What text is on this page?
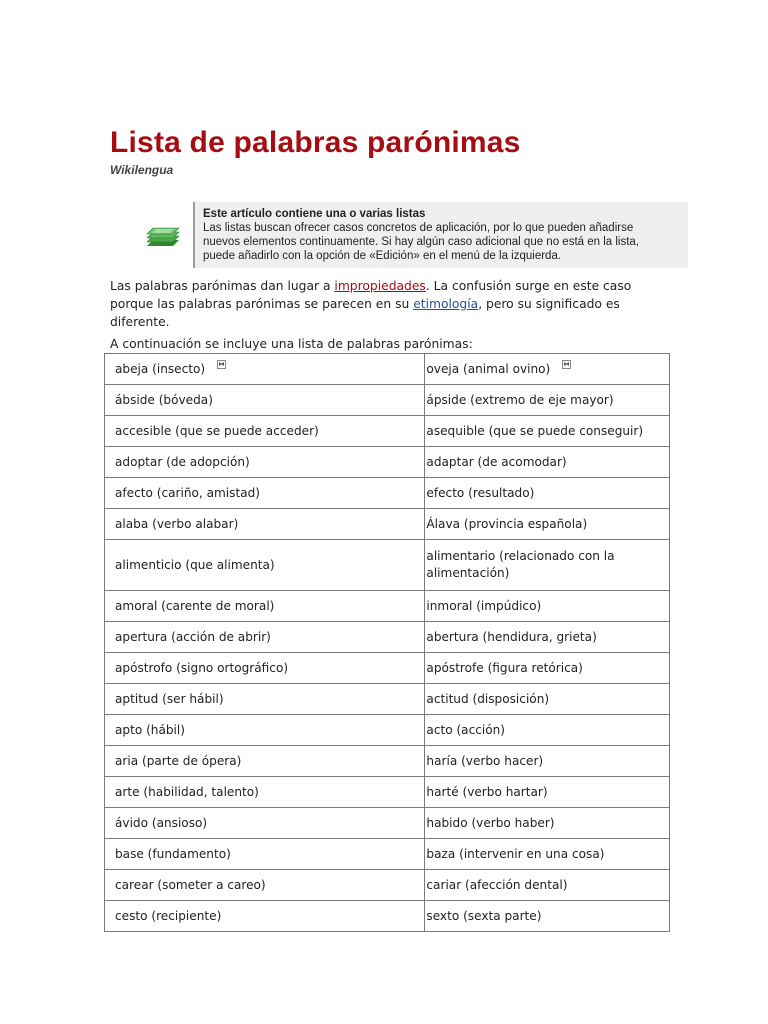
Lista de palabras parónimas
Wikilengua
Este artículo contiene una o varias listas
Las listas buscan ofrecer casos concretos de aplicación, por lo que pueden añadirse nuevos elementos continuamente. Si hay algún caso adicional que no está en la lista, puede añadirlo con la opción de «Edición» en el menú de la izquierda.
Las palabras parónimas dan lugar a impropiedades. La confusión surge en este caso porque las palabras parónimas se parecen en su etimología, pero su significado es diferente.
A continuación se incluye una lista de palabras parónimas:
abeja (insecto)	oveja (animal ovino)
ábside (bóveda)	ápside (extremo de eje mayor)
accesible (que se puede acceder)	asequible (que se puede conseguir)
adoptar (de adopción)	adaptar (de acomodar)
afecto (cariño, amistad)	efecto (resultado)
alaba (verbo alabar)	Álava (provincia española)
alimenticio (que alimenta)	alimentario (relacionado con la alimentación)
amoral (carente de moral)	inmoral (impúdico)
apertura (acción de abrir)	abertura (hendidura, grieta)
apóstrofo (signo ortográfico)	apóstrofe (figura retórica)
aptitud (ser hábil)	actitud (disposición)
apto (hábil)	acto (acción)
aria (parte de ópera)	haría (verbo hacer)
arte (habilidad, talento)	harté (verbo hartar)
ávido (ansioso)	habido (verbo haber)
base (fundamento)	baza (intervenir en una cosa)
carear (someter a careo)	cariar (afección dental)
cesto (recipiente)	sexto (sexta parte)
